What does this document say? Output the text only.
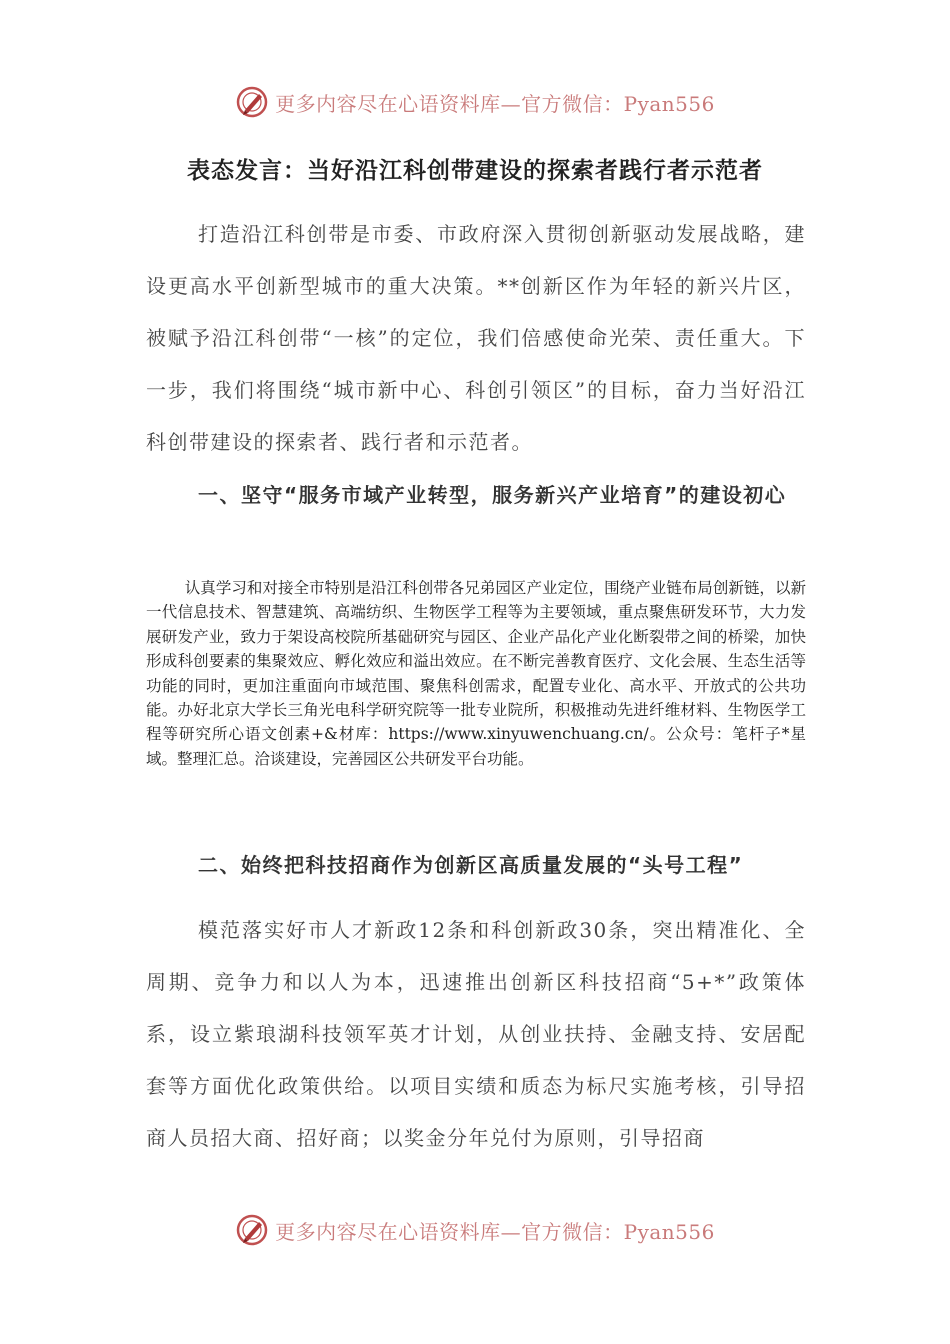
更多内容尽在心语资料库—官方微信：Pyan556
表态发言：当好沿江科创带建设的探索者践行者示范者

打造沿江科创带是市委、市政府深入贯彻创新驱动发展战略，建设更高水平创新型城市的重大决策。**创新区作为年轻的新兴片区，被赋予沿江科创带“一核”的定位，我们倍感使命光荣、责任重大。下一步，我们将围绕“城市新中心、科创引领区”的目标，奋力当好沿江科创带建设的探索者、践行者和示范者。

一、坚守“服务市域产业转型，服务新兴产业培育”的建设初心

认真学习和对接全市特别是沿江科创带各兄弟园区产业定位，围绕产业链布局创新链，以新一代信息技术、智慧建筑、高端纺织、生物医学工程等为主要领域，重点聚焦研发环节，大力发展研发产业，致力于架设高校院所基础研究与园区、企业产品化产业化断裂带之间的桥梁，加快形成科创要素的集聚效应、孵化效应和溢出效应。在不断完善教育医疗、文化会展、生态生活等功能的同时，更加注重面向市域范围、聚焦科创需求，配置专业化、高水平、开放式的公共功能。办好北京大学长三角光电科学研究院等一批专业院所，积极推动先进纤维材料、生物医学工程等研究所心语文创素+&材库：https://www.xinyuwenchuang.cn/。公众号：笔杆子*星域。整理汇总。洽谈建设，完善园区公共研发平台功能。

二、始终把科技招商作为创新区高质量发展的“头号工程”

模范落实好市人才新政12条和科创新政30条，突出精准化、全周期、竞争力和以人为本，迅速推出创新区科技招商“5+*”政策体系，设立紫琅湖科技领军英才计划，从创业扶持、金融支持、安居配套等方面优化政策供给。以项目实绩和质态为标尺实施考核，引导招商人员招大商、招好商；以奖金分年兑付为原则，引导招商

更多内容尽在心语资料库—官方微信：Pyan556
